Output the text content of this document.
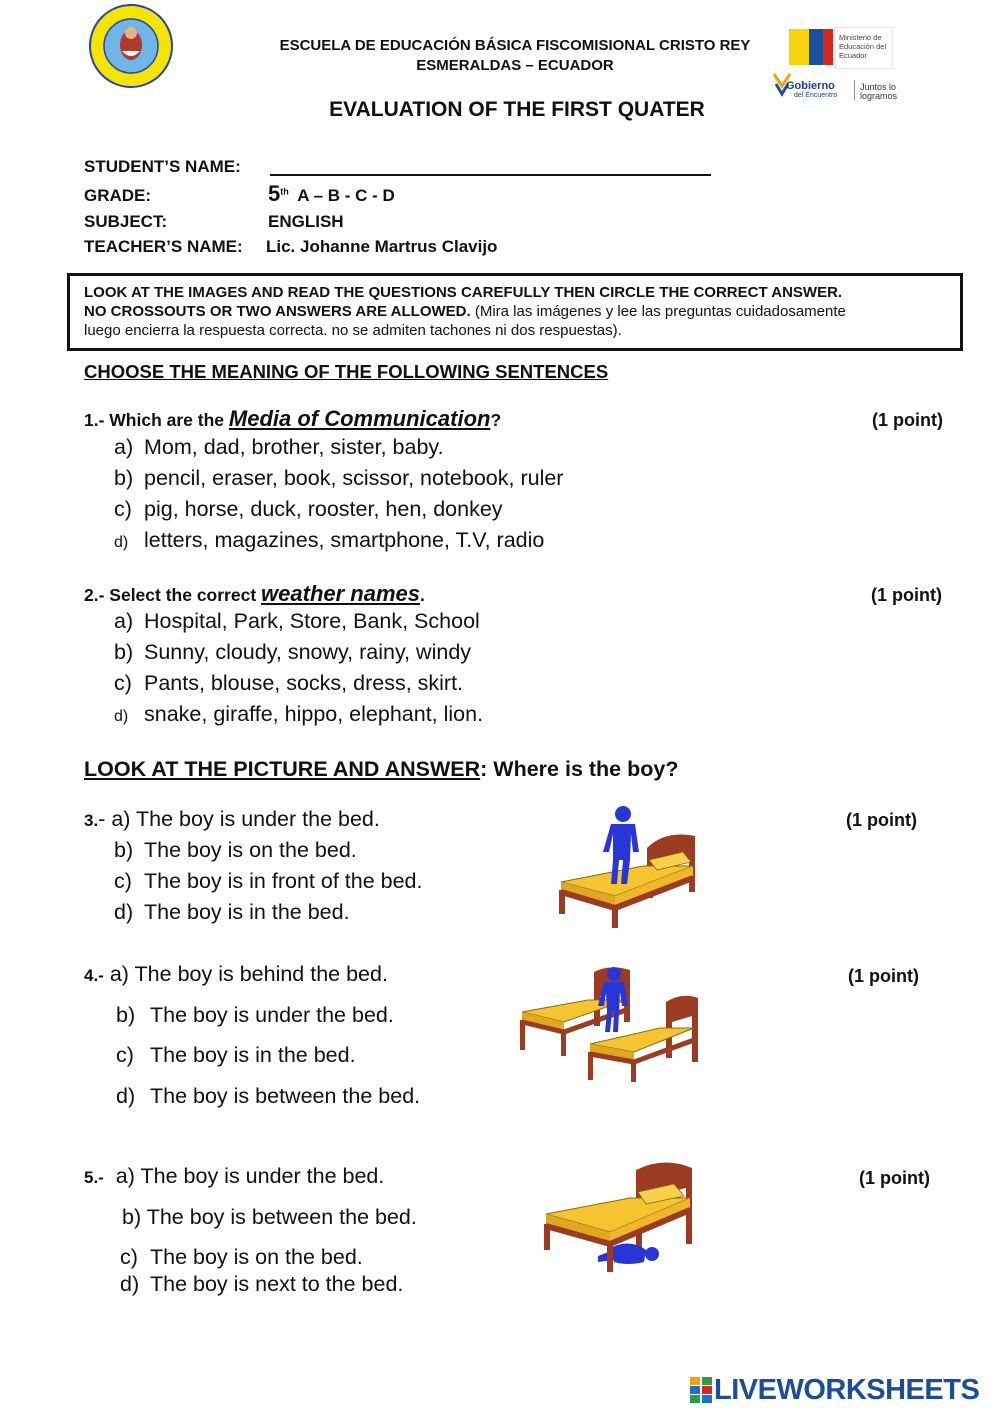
ESCUELA DE EDUCACIÓN BÁSICA FISCOMISIONAL CRISTO REY
ESMERALDAS – ECUADOR
Ministerio de Educación del Ecuador
Gobierno
del Encuentro
Juntos lo logramos
EVALUATION OF THE FIRST QUATER
STUDENT’S NAME:
GRADE:	5th A – B - C - D
SUBJECT:	ENGLISH
TEACHER’S NAME: Lic. Johanne Martrus Clavijo
LOOK AT THE IMAGES AND READ THE QUESTIONS CAREFULLY THEN CIRCLE THE CORRECT ANSWER.
NO CROSSOUTS OR TWO ANSWERS ARE ALLOWED. (Mira las imágenes y lee las preguntas cuidadosamente
luego encierra la respuesta correcta. no se admiten tachones ni dos respuestas).
CHOOSE THE MEANING OF THE FOLLOWING SENTENCES
1.- Which are the Media of Communication?	(1 point)
a) Mom, dad, brother, sister, baby.
b) pencil, eraser, book, scissor, notebook, ruler
c) pig, horse, duck, rooster, hen, donkey
d) letters, magazines, smartphone, T.V, radio
2.- Select the correct weather names.	(1 point)
a) Hospital, Park, Store, Bank, School
b) Sunny, cloudy, snowy, rainy, windy
c) Pants, blouse, socks, dress, skirt.
d) snake, giraffe, hippo, elephant, lion.
LOOK AT THE PICTURE AND ANSWER: Where is the boy?
3.- a) The boy is under the bed.	(1 point)
b) The boy is on the bed.
c) The boy is in front of the bed.
d) The boy is in the bed.
4.- a) The boy is behind the bed.	(1 point)
b) The boy is under the bed.
c) The boy is in the bed.
d) The boy is between the bed.
5.- a) The boy is under the bed.	(1 point)
b) The boy is between the bed.
c) The boy is on the bed.
d) The boy is next to the bed.
LIVEWORKSHEETS
